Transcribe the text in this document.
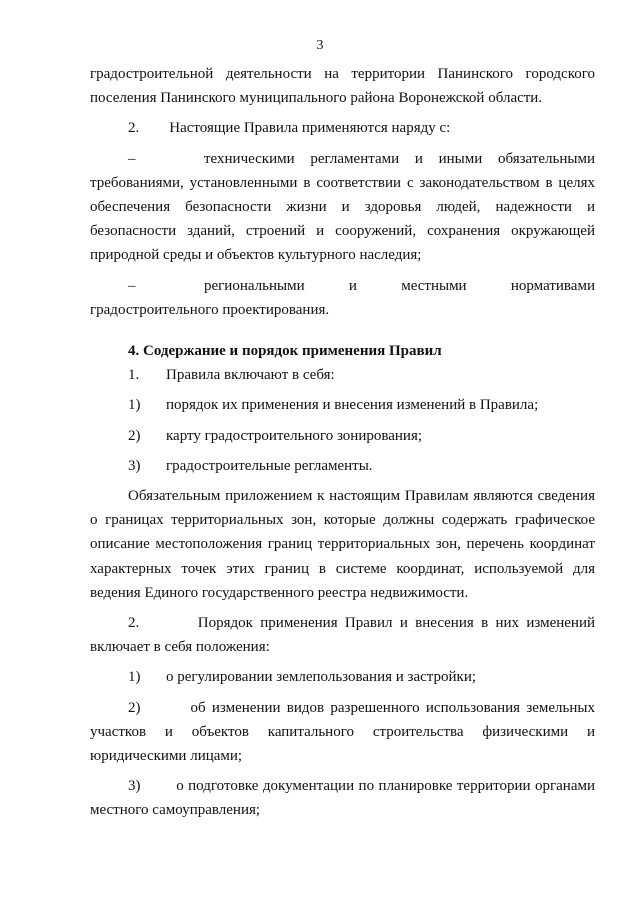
3

градостроительной деятельности на территории Панинского городского поселения Панинского муниципального района Воронежской области.

2. Настоящие Правила применяются наряду с:

–	техническими регламентами и иными обязательными требованиями, установленными в соответствии с законодательством в целях обеспечения безопасности жизни и здоровья людей, надежности и безопасности зданий, строений и сооружений, сохранения окружающей природной среды и объектов культурного наследия;

–	региональными и местными нормативами градостроительного проектирования.

4. Содержание и порядок применения Правил

1.	Правила включают в себя:
1)	порядок их применения и внесения изменений в Правила;
2)	карту градостроительного зонирования;
3)	градостроительные регламенты.

Обязательным приложением к настоящим Правилам являются сведения о границах территориальных зон, которые должны содержать графическое описание местоположения границ территориальных зон, перечень координат характерных точек этих границ в системе координат, используемой для ведения Единого государственного реестра недвижимости.

2.	Порядок применения Правил и внесения в них изменений включает в себя положения:

1)	о регулировании землепользования и застройки;

2)	об изменении видов разрешенного использования земельных участков и объектов капитального строительства физическими и юридическими лицами;

3) о подготовке документации по планировке территории органами местного самоуправления;
